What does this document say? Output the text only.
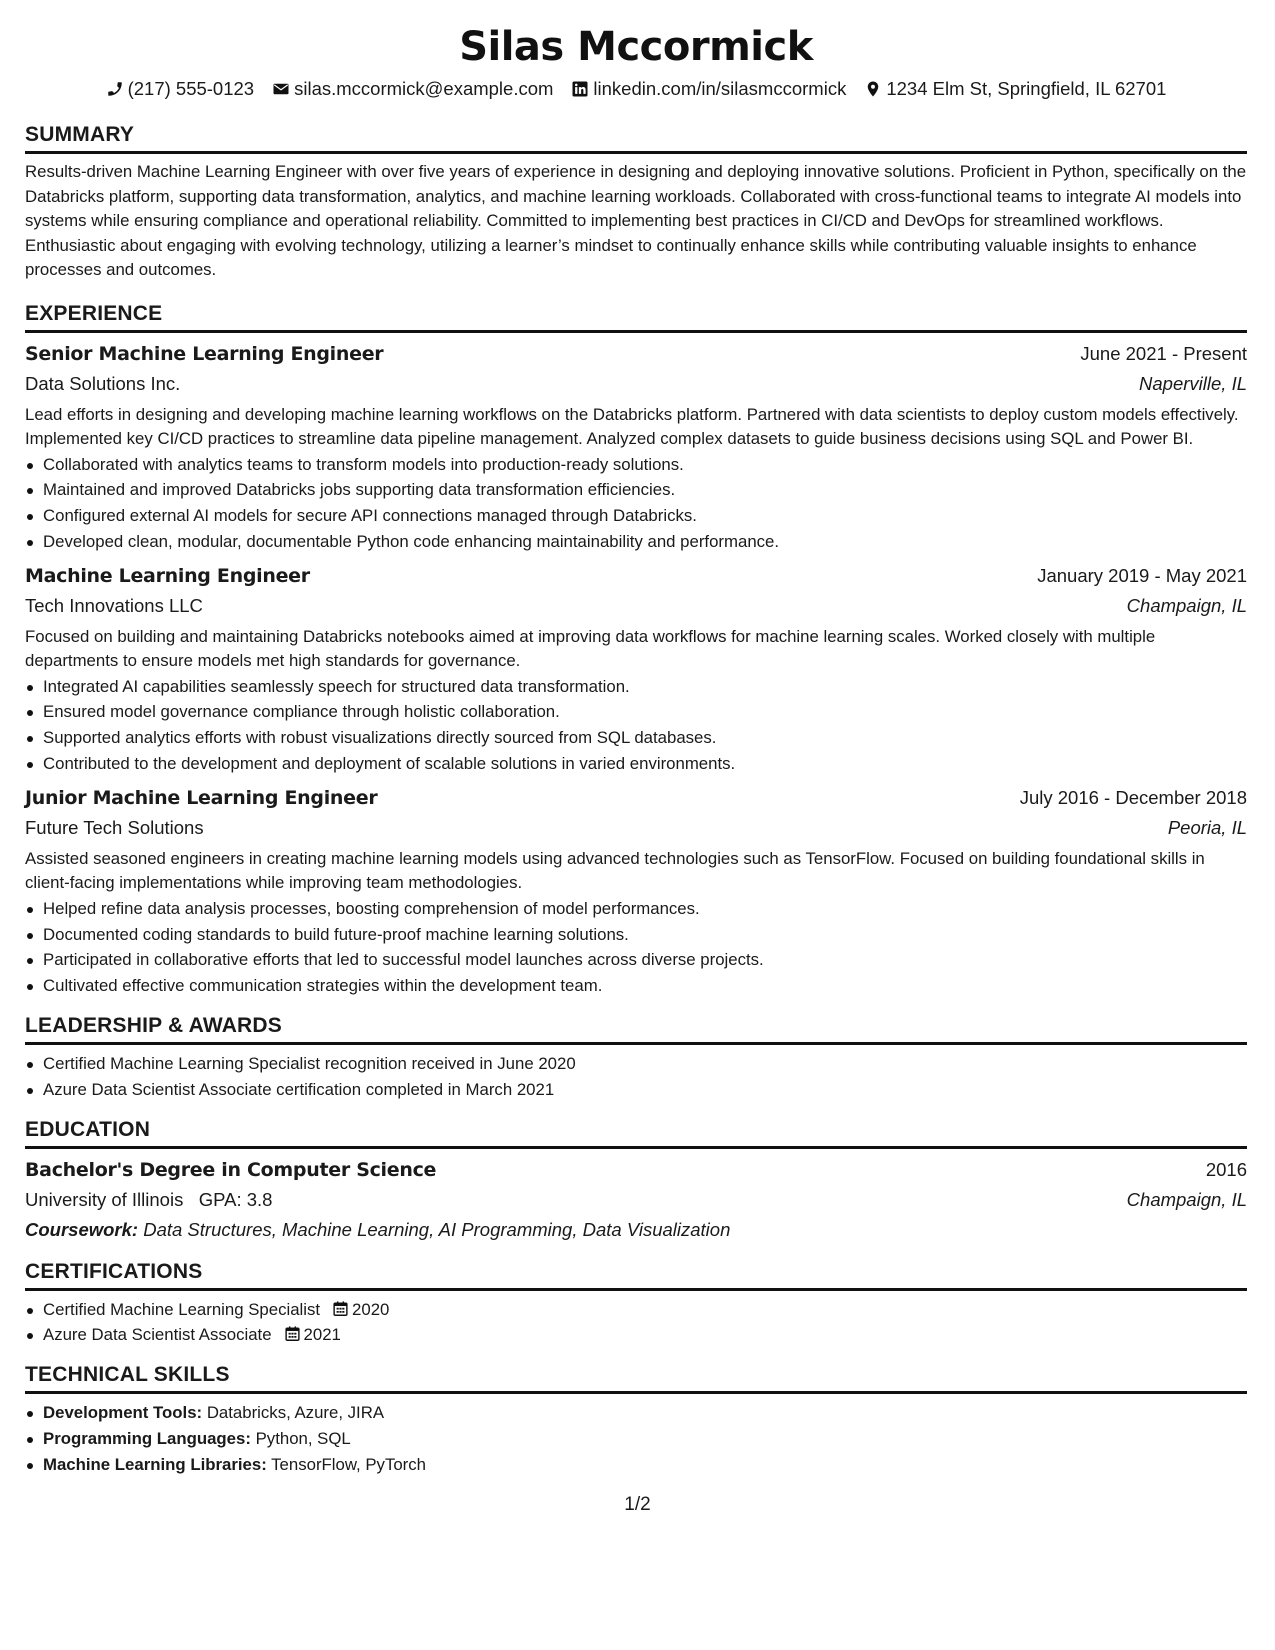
Silas Mccormick
(217) 555-0123 silas.mccormick@example.com linkedin.com/in/silasmccormick 1234 Elm St, Springfield, IL 62701
SUMMARY

Results-driven Machine Learning Engineer with over five years of experience in designing and deploying innovative solutions. Proficient in Python, specifically on the Databricks platform, supporting data transformation, analytics, and machine learning workloads. Collaborated with cross-functional teams to integrate AI models into systems while ensuring compliance and operational reliability. Committed to implementing best practices in CI/CD and DevOps for streamlined workflows. Enthusiastic about engaging with evolving technology, utilizing a learner’s mindset to continually enhance skills while contributing valuable insights to enhance processes and outcomes.

EXPERIENCE
Senior Machine Learning Engineer	June 2021 - Present
Data Solutions Inc.	Naperville, IL
Lead efforts in designing and developing machine learning workflows on the Databricks platform. Partnered with data scientists to deploy custom models effectively. Implemented key CI/CD practices to streamline data pipeline management. Analyzed complex datasets to guide business decisions using SQL and Power BI.
Collaborated with analytics teams to transform models into production-ready solutions.
Maintained and improved Databricks jobs supporting data transformation efficiencies.
Configured external AI models for secure API connections managed through Databricks.
Developed clean, modular, documentable Python code enhancing maintainability and performance.
Machine Learning Engineer	January 2019 - May 2021
Tech Innovations LLC	Champaign, IL
Focused on building and maintaining Databricks notebooks aimed at improving data workflows for machine learning scales. Worked closely with multiple departments to ensure models met high standards for governance.
Integrated AI capabilities seamlessly speech for structured data transformation.
Ensured model governance compliance through holistic collaboration.
Supported analytics efforts with robust visualizations directly sourced from SQL databases.
Contributed to the development and deployment of scalable solutions in varied environments.
Junior Machine Learning Engineer	July 2016 - December 2018
Future Tech Solutions	Peoria, IL
Assisted seasoned engineers in creating machine learning models using advanced technologies such as TensorFlow. Focused on building foundational skills in client-facing implementations while improving team methodologies.
Helped refine data analysis processes, boosting comprehension of model performances.
Documented coding standards to build future-proof machine learning solutions.
Participated in collaborative efforts that led to successful model launches across diverse projects.
Cultivated effective communication strategies within the development team.
LEADERSHIP & AWARDS
Certified Machine Learning Specialist recognition received in June 2020
Azure Data Scientist Associate certification completed in March 2021
EDUCATION
Bachelor's Degree in Computer Science	2016
University of Illinois GPA: 3.8	Champaign, IL
Coursework: Data Structures, Machine Learning, AI Programming, Data Visualization
CERTIFICATIONS
Certified Machine Learning Specialist 2020
Azure Data Scientist Associate 2021
TECHNICAL SKILLS
Development Tools: Databricks, Azure, JIRA
Programming Languages: Python, SQL
Machine Learning Libraries: TensorFlow, PyTorch
1/2
